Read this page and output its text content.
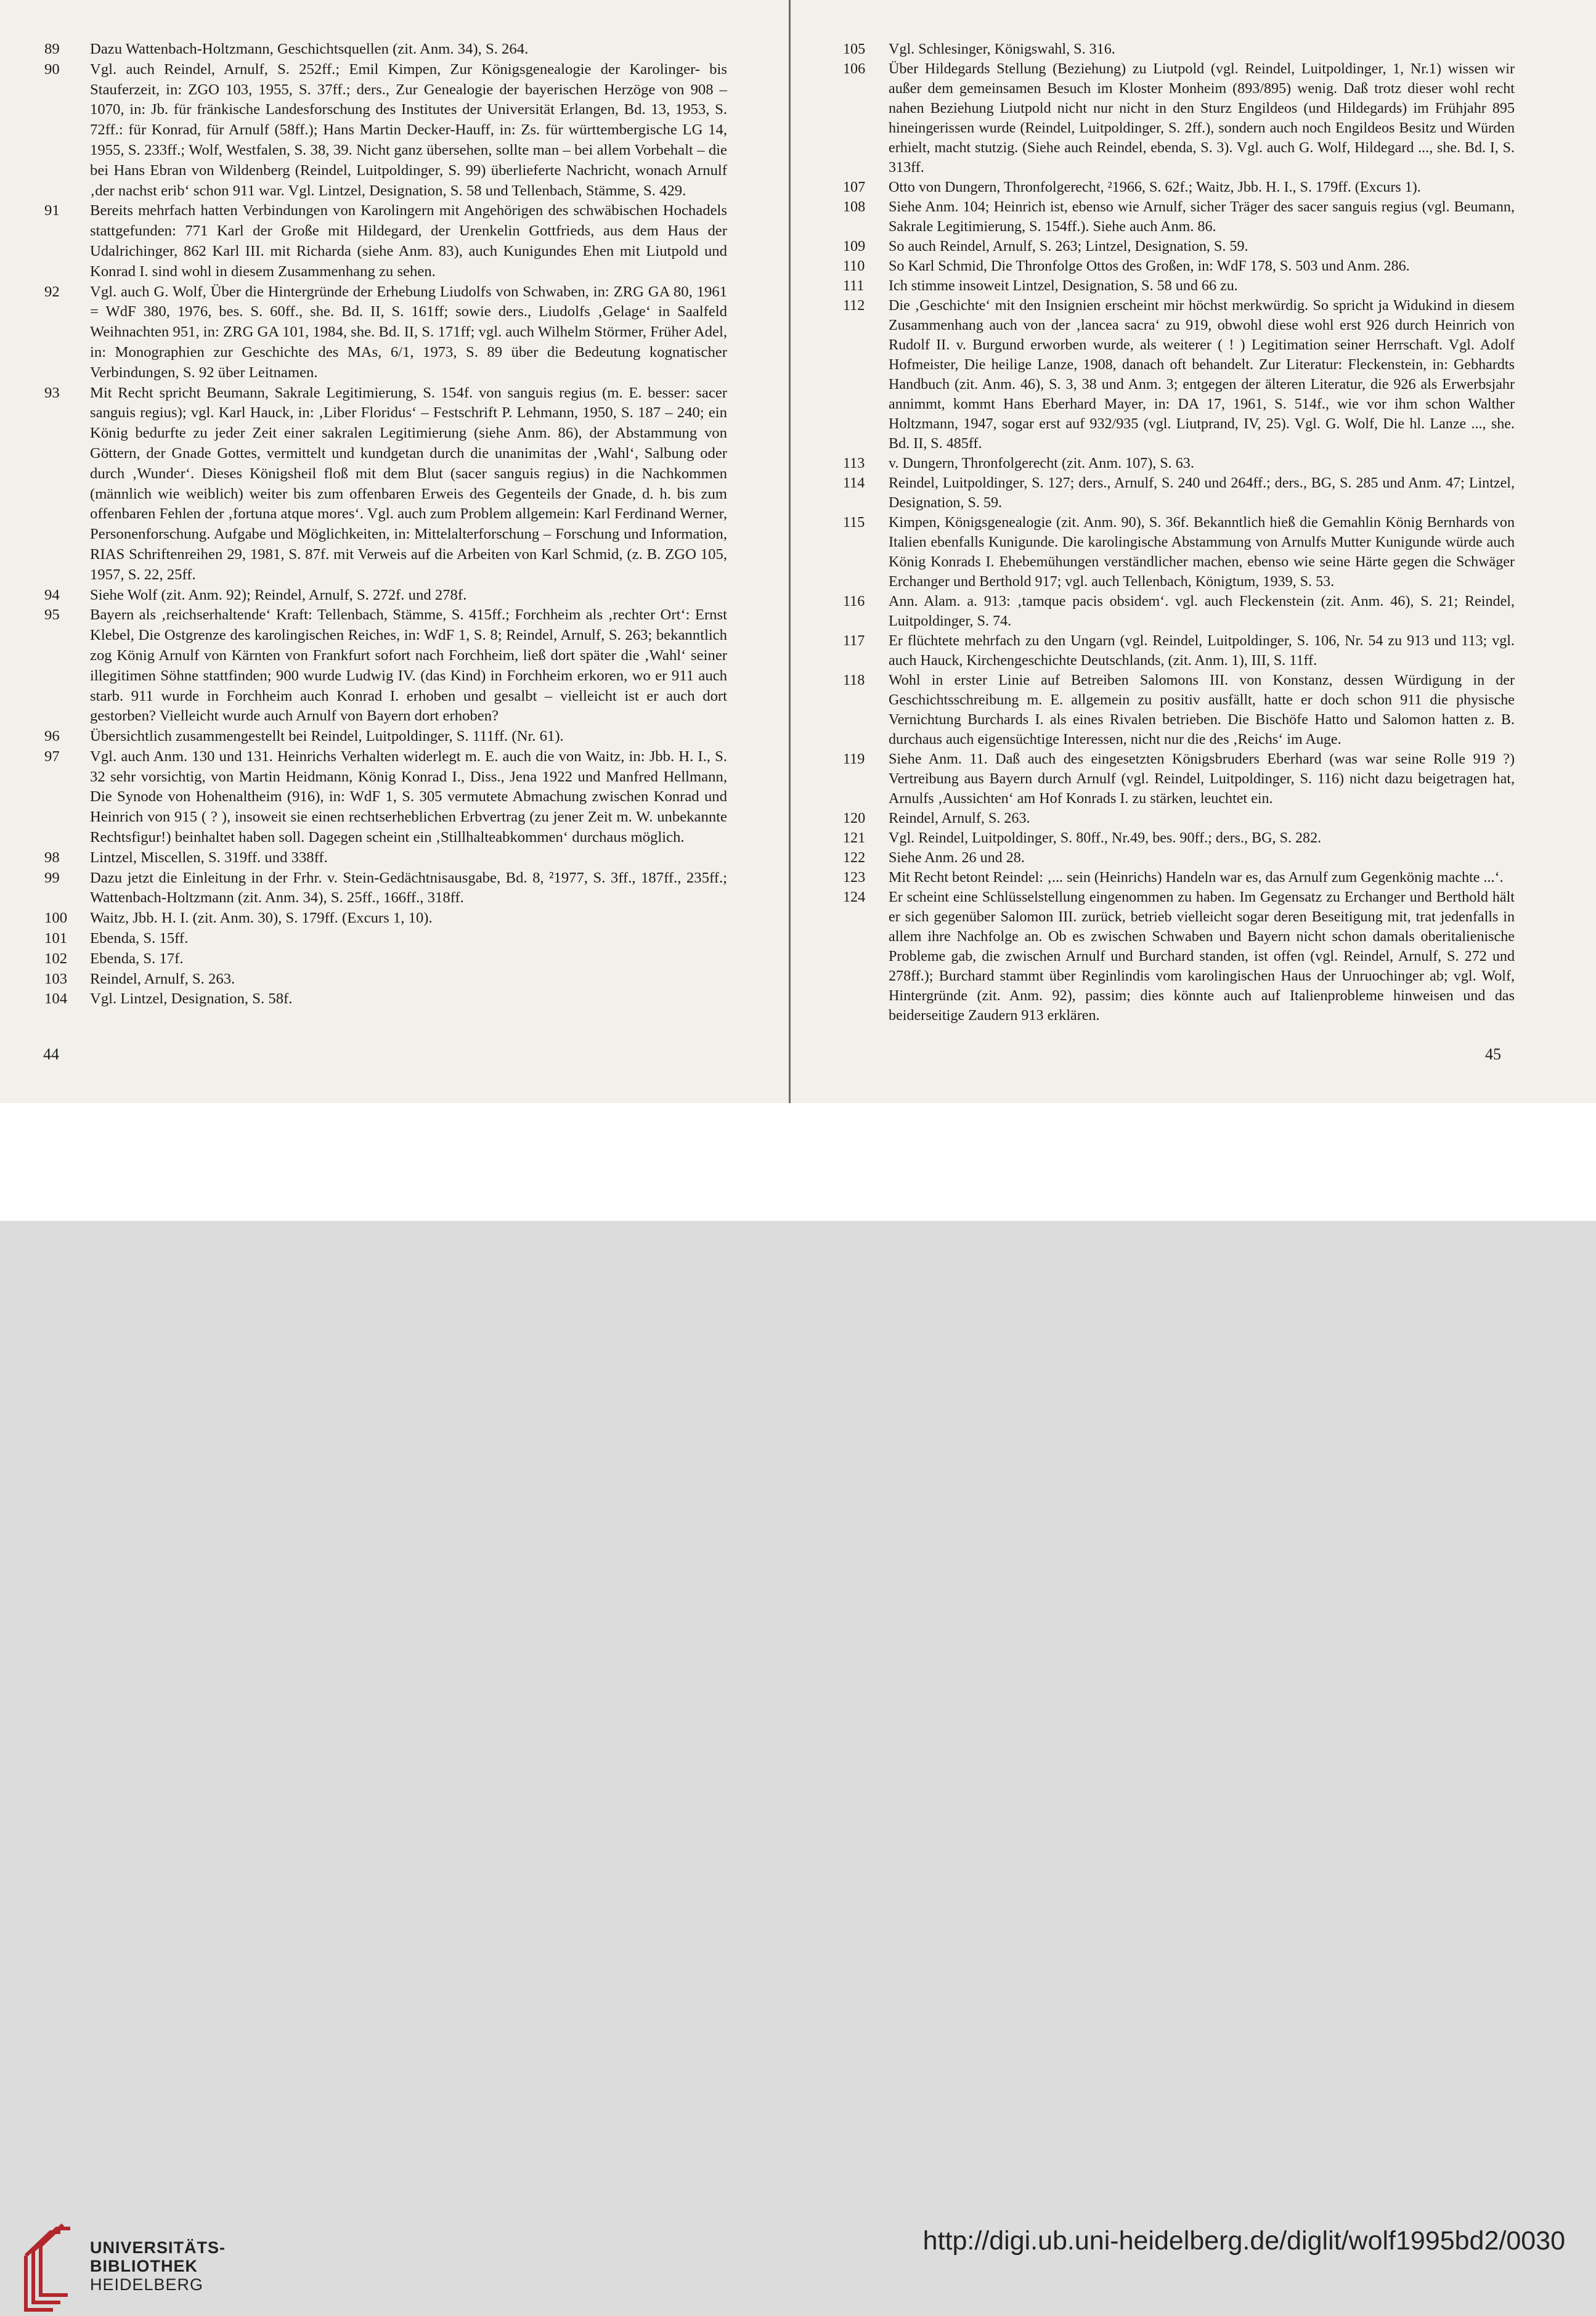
89	Dazu Wattenbach-Holtzmann, Geschichtsquellen (zit. Anm. 34), S. 264.
90	Vgl. auch Reindel, Arnulf, S. 252ff.; Emil Kimpen, Zur Königsgenealogie der Karolinger- bis Stauferzeit, in: ZGO 103, 1955, S. 37ff.; ders., Zur Genealogie der bayerischen Herzöge von 908 – 1070, in: Jb. für fränkische Landesforschung des Institutes der Universität Erlangen, Bd. 13, 1953, S. 72ff.: für Konrad, für Arnulf (58ff.); Hans Martin Decker-Hauff, in: Zs. für württembergische LG 14, 1955, S. 233ff.; Wolf, Westfalen, S. 38, 39. Nicht ganz übersehen, sollte man – bei allem Vorbehalt – die bei Hans Ebran von Wildenberg (Reindel, Luitpoldinger, S. 99) überlieferte Nachricht, wonach Arnulf ‚der nachst erib‘ schon 911 war. Vgl. Lintzel, Designation, S. 58 und Tellenbach, Stämme, S. 429.
91	Bereits mehrfach hatten Verbindungen von Karolingern mit Angehörigen des schwäbischen Hochadels stattgefunden: 771 Karl der Große mit Hildegard, der Urenkelin Gottfrieds, aus dem Haus der Udalrichinger, 862 Karl III. mit Richarda (siehe Anm. 83), auch Kunigundes Ehen mit Liutpold und Konrad I. sind wohl in diesem Zusammenhang zu sehen.
92	Vgl. auch G. Wolf, Über die Hintergründe der Erhebung Liudolfs von Schwaben, in: ZRG GA 80, 1961 = WdF 380, 1976, bes. S. 60ff., she. Bd. II, S. 161ff; sowie ders., Liudolfs ‚Gelage‘ in Saalfeld Weihnachten 951, in: ZRG GA 101, 1984, she. Bd. II, S. 171ff; vgl. auch Wilhelm Störmer, Früher Adel, in: Monographien zur Geschichte des MAs, 6/1, 1973, S. 89 über die Bedeutung kognatischer Verbindungen, S. 92 über Leitnamen.
93	Mit Recht spricht Beumann, Sakrale Legitimierung, S. 154f. von sanguis regius (m. E. besser: sacer sanguis regius); vgl. Karl Hauck, in: ‚Liber Floridus‘ – Festschrift P. Lehmann, 1950, S. 187 – 240; ein König bedurfte zu jeder Zeit einer sakralen Legitimierung (siehe Anm. 86), der Abstammung von Göttern, der Gnade Gottes, vermittelt und kundgetan durch die unanimitas der ‚Wahl‘, Salbung oder durch ‚Wunder‘. Dieses Königsheil floß mit dem Blut (sacer sanguis regius) in die Nachkommen (männlich wie weiblich) weiter bis zum offenbaren Erweis des Gegenteils der Gnade, d. h. bis zum offenbaren Fehlen der ‚fortuna atque mores‘. Vgl. auch zum Problem allgemein: Karl Ferdinand Werner, Personenforschung. Aufgabe und Möglichkeiten, in: Mittelalterforschung – Forschung und Information, RIAS Schriftenreihen 29, 1981, S. 87f. mit Verweis auf die Arbeiten von Karl Schmid, (z. B. ZGO 105, 1957, S. 22, 25ff.
94	Siehe Wolf (zit. Anm. 92); Reindel, Arnulf, S. 272f. und 278f.
95	Bayern als ‚reichserhaltende‘ Kraft: Tellenbach, Stämme, S. 415ff.; Forchheim als ‚rechter Ort‘: Ernst Klebel, Die Ostgrenze des karolingischen Reiches, in: WdF 1, S. 8; Reindel, Arnulf, S. 263; bekanntlich zog König Arnulf von Kärnten von Frankfurt sofort nach Forchheim, ließ dort später die ‚Wahl‘ seiner illegitimen Söhne stattfinden; 900 wurde Ludwig IV. (das Kind) in Forchheim erkoren, wo er 911 auch starb. 911 wurde in Forchheim auch Konrad I. erhoben und gesalbt – vielleicht ist er auch dort gestorben? Vielleicht wurde auch Arnulf von Bayern dort erhoben?
96	Übersichtlich zusammengestellt bei Reindel, Luitpoldinger, S. 111ff. (Nr. 61).
97	Vgl. auch Anm. 130 und 131. Heinrichs Verhalten widerlegt m. E. auch die von Waitz, in: Jbb. H. I., S. 32 sehr vorsichtig, von Martin Heidmann, König Konrad I., Diss., Jena 1922 und Manfred Hellmann, Die Synode von Hohenaltheim (916), in: WdF 1, S. 305 vermutete Abmachung zwischen Konrad und Heinrich von 915 ( ? ), insoweit sie einen rechtserheblichen Erbvertrag (zu jener Zeit m. W. unbekannte Rechtsfigur!) beinhaltet haben soll. Dagegen scheint ein ‚Stillhalteabkommen‘ durchaus möglich.
98	Lintzel, Miscellen, S. 319ff. und 338ff.
99	Dazu jetzt die Einleitung in der Frhr. v. Stein-Gedächtnisausgabe, Bd. 8, ²1977, S. 3ff., 187ff., 235ff.; Wattenbach-Holtzmann (zit. Anm. 34), S. 25ff., 166ff., 318ff.
100	Waitz, Jbb. H. I. (zit. Anm. 30), S. 179ff. (Excurs 1, 10).
101	Ebenda, S. 15ff.
102	Ebenda, S. 17f.
103	Reindel, Arnulf, S. 263.
104	Vgl. Lintzel, Designation, S. 58f.
105	Vgl. Schlesinger, Königswahl, S. 316.
106	Über Hildegards Stellung (Beziehung) zu Liutpold (vgl. Reindel, Luitpoldinger, 1, Nr.1) wissen wir außer dem gemeinsamen Besuch im Kloster Monheim (893/895) wenig. Daß trotz dieser wohl recht nahen Beziehung Liutpold nicht nur nicht in den Sturz Engildeos (und Hildegards) im Frühjahr 895 hineingerissen wurde (Reindel, Luitpoldinger, S. 2ff.), sondern auch noch Engildeos Besitz und Würden erhielt, macht stutzig. (Siehe auch Reindel, ebenda, S. 3). Vgl. auch G. Wolf, Hildegard ..., she. Bd. I, S. 313ff.
107	Otto von Dungern, Thronfolgerecht, ²1966, S. 62f.; Waitz, Jbb. H. I., S. 179ff. (Excurs 1).
108	Siehe Anm. 104; Heinrich ist, ebenso wie Arnulf, sicher Träger des sacer sanguis regius (vgl. Beumann, Sakrale Legitimierung, S. 154ff.). Siehe auch Anm. 86.
109	So auch Reindel, Arnulf, S. 263; Lintzel, Designation, S. 59.
110	So Karl Schmid, Die Thronfolge Ottos des Großen, in: WdF 178, S. 503 und Anm. 286.
111	Ich stimme insoweit Lintzel, Designation, S. 58 und 66 zu.
112	Die ‚Geschichte‘ mit den Insignien erscheint mir höchst merkwürdig. So spricht ja Widukind in diesem Zusammenhang auch von der ‚lancea sacra‘ zu 919, obwohl diese wohl erst 926 durch Heinrich von Rudolf II. v. Burgund erworben wurde, als weiterer ( ! ) Legitimation seiner Herrschaft. Vgl. Adolf Hofmeister, Die heilige Lanze, 1908, danach oft behandelt. Zur Literatur: Fleckenstein, in: Gebhardts Handbuch (zit. Anm. 46), S. 3, 38 und Anm. 3; entgegen der älteren Literatur, die 926 als Erwerbsjahr annimmt, kommt Hans Eberhard Mayer, in: DA 17, 1961, S. 514f., wie vor ihm schon Walther Holtzmann, 1947, sogar erst auf 932/935 (vgl. Liutprand, IV, 25). Vgl. G. Wolf, Die hl. Lanze ..., she. Bd. II, S. 485ff.
113	v. Dungern, Thronfolgerecht (zit. Anm. 107), S. 63.
114	Reindel, Luitpoldinger, S. 127; ders., Arnulf, S. 240 und 264ff.; ders., BG, S. 285 und Anm. 47; Lintzel, Designation, S. 59.
115	Kimpen, Königsgenealogie (zit. Anm. 90), S. 36f. Bekanntlich hieß die Gemahlin König Bernhards von Italien ebenfalls Kunigunde. Die karolingische Abstammung von Arnulfs Mutter Kunigunde würde auch König Konrads I. Ehebemühungen verständlicher machen, ebenso wie seine Härte gegen die Schwäger Erchanger und Berthold 917; vgl. auch Tellenbach, Königtum, 1939, S. 53.
116	Ann. Alam. a. 913: ‚tamque pacis obsidem‘. vgl. auch Fleckenstein (zit. Anm. 46), S. 21; Reindel, Luitpoldinger, S. 74.
117	Er flüchtete mehrfach zu den Ungarn (vgl. Reindel, Luitpoldinger, S. 106, Nr. 54 zu 913 und 113; vgl. auch Hauck, Kirchengeschichte Deutschlands, (zit. Anm. 1), III, S. 11ff.
118	Wohl in erster Linie auf Betreiben Salomons III. von Konstanz, dessen Würdigung in der Geschichtsschreibung m. E. allgemein zu positiv ausfällt, hatte er doch schon 911 die physische Vernichtung Burchards I. als eines Rivalen betrieben. Die Bischöfe Hatto und Salomon hatten z. B. durchaus auch eigensüchtige Interessen, nicht nur die des ‚Reichs‘ im Auge.
119	Siehe Anm. 11. Daß auch des eingesetzten Königsbruders Eberhard (was war seine Rolle 919 ?) Vertreibung aus Bayern durch Arnulf (vgl. Reindel, Luitpoldinger, S. 116) nicht dazu beigetragen hat, Arnulfs ‚Aussichten‘ am Hof Konrads I. zu stärken, leuchtet ein.
120	Reindel, Arnulf, S. 263.
121	Vgl. Reindel, Luitpoldinger, S. 80ff., Nr.49, bes. 90ff.; ders., BG, S. 282.
122	Siehe Anm. 26 und 28.
123	Mit Recht betont Reindel: ‚... sein (Heinrichs) Handeln war es, das Arnulf zum Gegenkönig machte ...‘.
124	Er scheint eine Schlüsselstellung eingenommen zu haben. Im Gegensatz zu Erchanger und Berthold hält er sich gegenüber Salomon III. zurück, betrieb vielleicht sogar deren Beseitigung mit, trat jedenfalls in allem ihre Nachfolge an. Ob es zwischen Schwaben und Bayern nicht schon damals oberitalienische Probleme gab, die zwischen Arnulf und Burchard standen, ist offen (vgl. Reindel, Arnulf, S. 272 und 278ff.); Burchard stammt über Reginlindis vom karolingischen Haus der Unruochinger ab; vgl. Wolf, Hintergründe (zit. Anm. 92), passim; dies könnte auch auf Italienprobleme hinweisen und das beiderseitige Zaudern 913 erklären.
44	45
UNIVERSITÄTS-
BIBLIOTHEK
HEIDELBERG
http://digi.ub.uni-heidelberg.de/diglit/wolf1995bd2/0030
